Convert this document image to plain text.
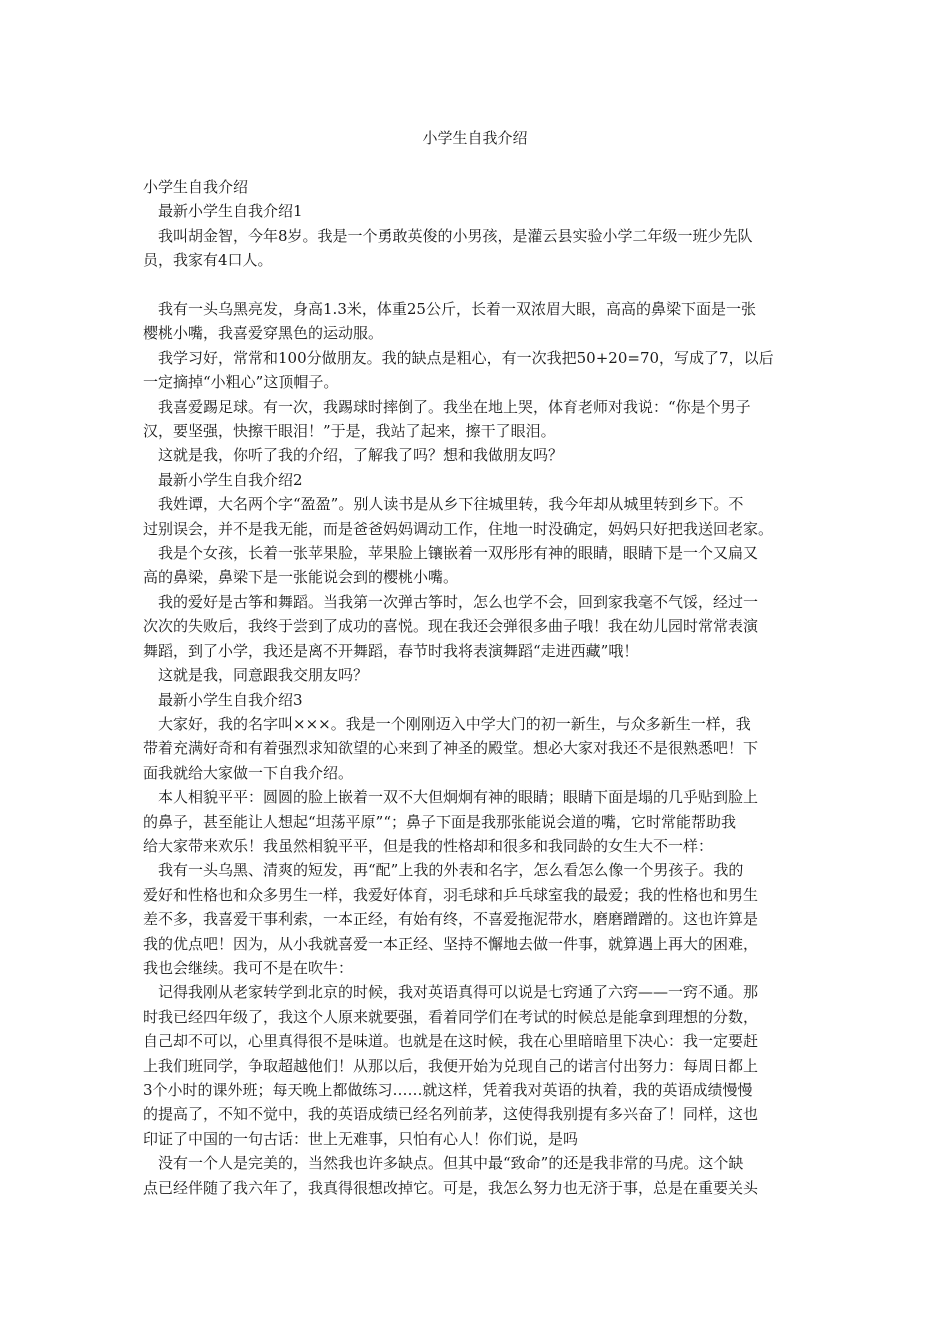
小学生自我介绍

小学生自我介绍

最新小学生自我介绍1

我叫胡金智，今年8岁。我是一个勇敢英俊的小男孩，是灌云县实验小学二年级一班少先队

员，我家有4口人。

我有一头乌黑亮发，身高1.3米，体重25公斤，长着一双浓眉大眼，高高的鼻梁下面是一张

樱桃小嘴，我喜爱穿黑色的运动服。

我学习好，常常和100分做朋友。我的缺点是粗心，有一次我把50+20=70，写成了7，以后

一定摘掉“小粗心”这顶帽子。

我喜爱踢足球。有一次，我踢球时摔倒了。我坐在地上哭，体育老师对我说：“你是个男子

汉，要坚强，快擦干眼泪！”于是，我站了起来，擦干了眼泪。

这就是我，你听了我的介绍，了解我了吗？想和我做朋友吗？

最新小学生自我介绍2

我姓谭，大名两个字“盈盈”。别人读书是从乡下往城里转，我今年却从城里转到乡下。不

过别误会，并不是我无能，而是爸爸妈妈调动工作，住地一时没确定，妈妈只好把我送回老家。

我是个女孩，长着一张苹果脸，苹果脸上镶嵌着一双彤彤有神的眼睛，眼睛下是一个又扁又

高的鼻梁，鼻梁下是一张能说会到的樱桃小嘴。

我的爱好是古筝和舞蹈。当我第一次弹古筝时，怎么也学不会，回到家我毫不气馁，经过一

次次的失败后，我终于尝到了成功的喜悦。现在我还会弹很多曲子哦！我在幼儿园时常常表演

舞蹈，到了小学，我还是离不开舞蹈，春节时我将表演舞蹈“走进西藏”哦！

这就是我，同意跟我交朋友吗？

最新小学生自我介绍3

大家好，我的名字叫×××。我是一个刚刚迈入中学大门的初一新生，与众多新生一样，我

带着充满好奇和有着强烈求知欲望的心来到了神圣的殿堂。想必大家对我还不是很熟悉吧！下

面我就给大家做一下自我介绍。

本人相貌平平：圆圆的脸上嵌着一双不大但炯炯有神的眼睛；眼睛下面是塌的几乎贴到脸上

的鼻子，甚至能让人想起“坦荡平原”“；鼻子下面是我那张能说会道的嘴，它时常能帮助我

给大家带来欢乐！我虽然相貌平平，但是我的性格却和很多和我同龄的女生大不一样：

我有一头乌黑、清爽的短发，再“配”上我的外表和名字，怎么看怎么像一个男孩子。我的

爱好和性格也和众多男生一样，我爱好体育，羽毛球和乒乓球室我的最爱；我的性格也和男生

差不多，我喜爱干事利索，一本正经，有始有终，不喜爱拖泥带水，磨磨蹭蹭的。这也许算是

我的优点吧！因为，从小我就喜爱一本正经、坚持不懈地去做一件事，就算遇上再大的困难，

我也会继续。我可不是在吹牛：

记得我刚从老家转学到北京的时候，我对英语真得可以说是七窍通了六窍——一窍不通。那

时我已经四年级了，我这个人原来就要强，看着同学们在考试的时候总是能拿到理想的分数，

自己却不可以，心里真得很不是味道。也就是在这时候，我在心里暗暗里下决心：我一定要赶

上我们班同学，争取超越他们！从那以后，我便开始为兑现自己的诺言付出努力：每周日都上

3个小时的课外班；每天晚上都做练习……就这样，凭着我对英语的执着，我的英语成绩慢慢

的提高了，不知不觉中，我的英语成绩已经名列前茅，这使得我别提有多兴奋了！同样，这也

印证了中国的一句古话：世上无难事，只怕有心人！你们说，是吗

没有一个人是完美的，当然我也许多缺点。但其中最“致命”的还是我非常的马虎。这个缺

点已经伴随了我六年了，我真得很想改掉它。可是，我怎么努力也无济于事，总是在重要关头
